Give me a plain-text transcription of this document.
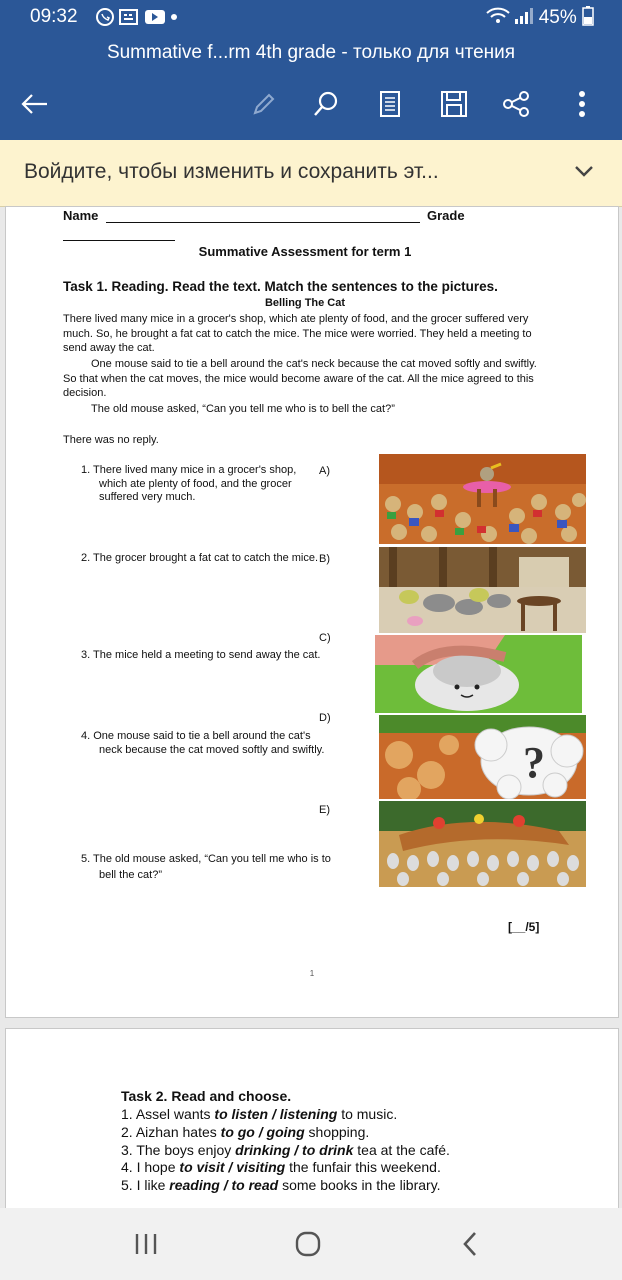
09:32	45%
Summative f...rm 4th grade - только для чтения
Войдите, чтобы изменить и сохранить эт...
Name	Grade
Summative Assessment for term 1
Task 1. Reading. Read the text. Match the sentences to the pictures.
Belling The Cat
There lived many mice in a grocer's shop, which ate plenty of food, and the grocer suffered very much. So, he brought a fat cat to catch the mice. The mice were worried. They held a meeting to send away the cat.
One mouse said to tie a bell around the cat's neck because the cat moved softly and swiftly. So that when the cat moves, the mice would become aware of the cat. All the mice agreed to this decision.
The old mouse asked, “Can you tell me who is to bell the cat?”
There was no reply.
1. There lived many mice in a grocer's shop, which ate plenty of food, and the grocer suffered very much.
2. The grocer brought a fat cat to catch the mice.
3. The mice held a meeting to send away the cat.
4. One mouse said to tie a bell around the cat's neck because the cat moved softly and swiftly.
5. The old mouse asked, “Can you tell me who is to bell the cat?”
A)
B)
C)
D)
E)
?
[__/5]
1
Task 2. Read and choose.
1. Assel wants to listen / listening to music.
2. Aizhan hates to go / going shopping.
3. The boys enjoy drinking / to drink tea at the café.
4. I hope to visit / visiting the funfair this weekend.
5. I like reading / to read some books in the library.
